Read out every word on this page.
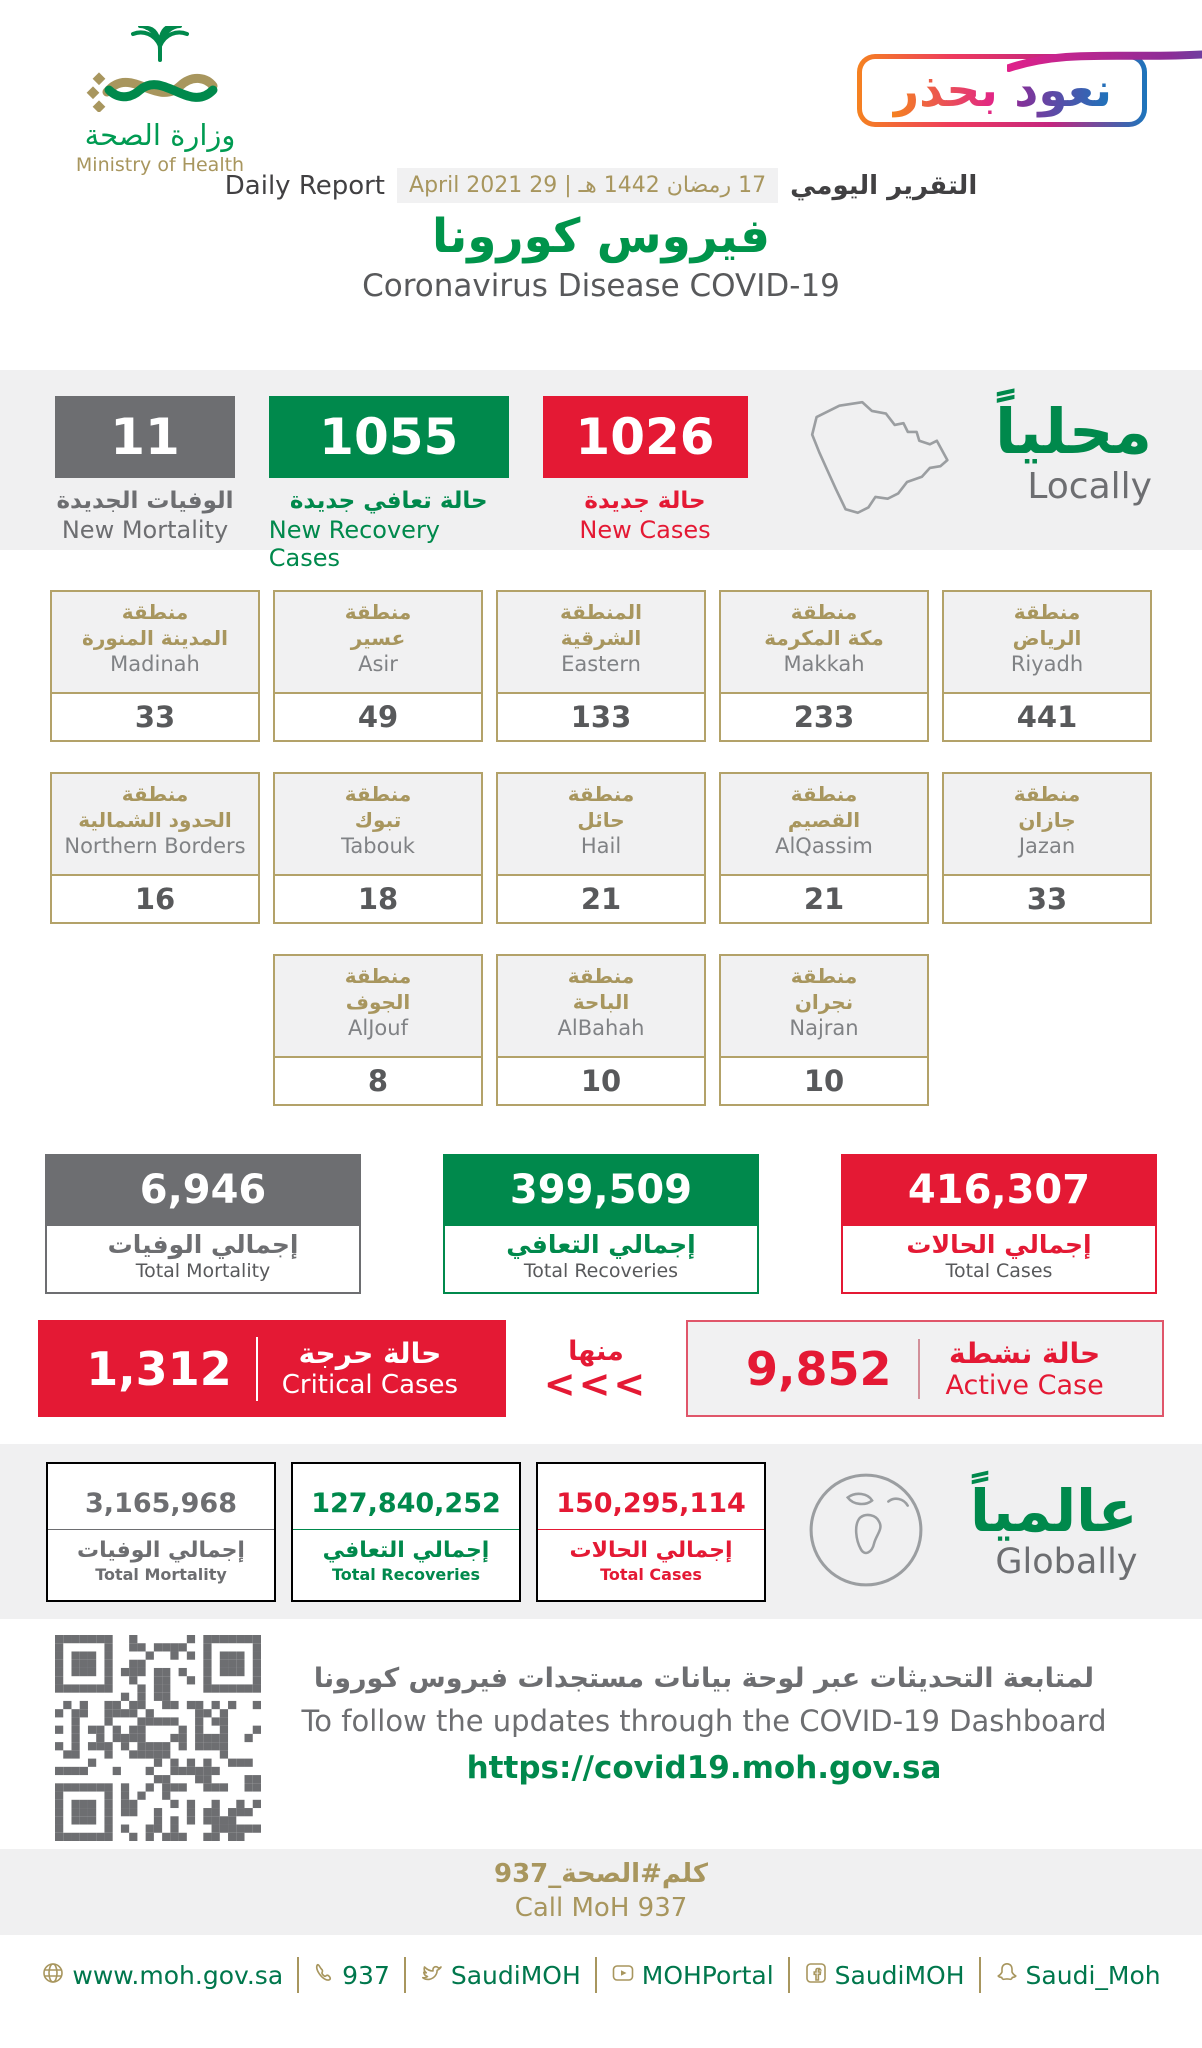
وزارة الصحة
Ministry of Health
نعود بحذر
Daily Report	17 رمضان 1442 هـ | 29 April 2021 التقرير اليومي
فيروس كورونا
Coronavirus Disease COVID-19
11
الوفيات الجديدة
New Mortality
1055
حالة تعافي جديدة
New Recovery Cases
1026
حالة جديدة
New Cases
محلياً
Locally
منطقة
المدينة المنورة
Madinah
33
منطقة
عسير
Asir
49
المنطقة
الشرقية
Eastern
133
منطقة
مكة المكرمة
Makkah
233
منطقة
الرياض
Riyadh
441
منطقة
الحدود الشمالية
Northern Borders
16
منطقة
تبوك
Tabouk
18
منطقة
حائل
Hail
21
منطقة
القصيم
AlQassim
21
منطقة
جازان
Jazan
33
منطقة
الجوف
AlJouf
8
منطقة
الباحة
AlBahah
10
منطقة
نجران
Najran
10
6,946
إجمالي الوفيات
Total Mortality
399,509
إجمالي التعافي
Total Recoveries
416,307
إجمالي الحالات
Total Cases
1,312	حالة حرجة
Critical Cases
منها
<<<	9,852 حالة نشطة
Active Case
3,165,968
إجمالي الوفيات
Total Mortality
127,840,252
إجمالي التعافي
Total Recoveries
150,295,114
إجمالي الحالات
Total Cases
عالمياً
Globally
لمتابعة التحديثات عبر لوحة بيانات مستجدات فيروس كورونا
To follow the updates through the COVID-19 Dashboard
https://covid19.moh.gov.sa
كلم#الصحة_937
Call MoH 937
www.moh.gov.sa 937 SaudiMOH MOHPortal SaudiMOH Saudi_Moh
